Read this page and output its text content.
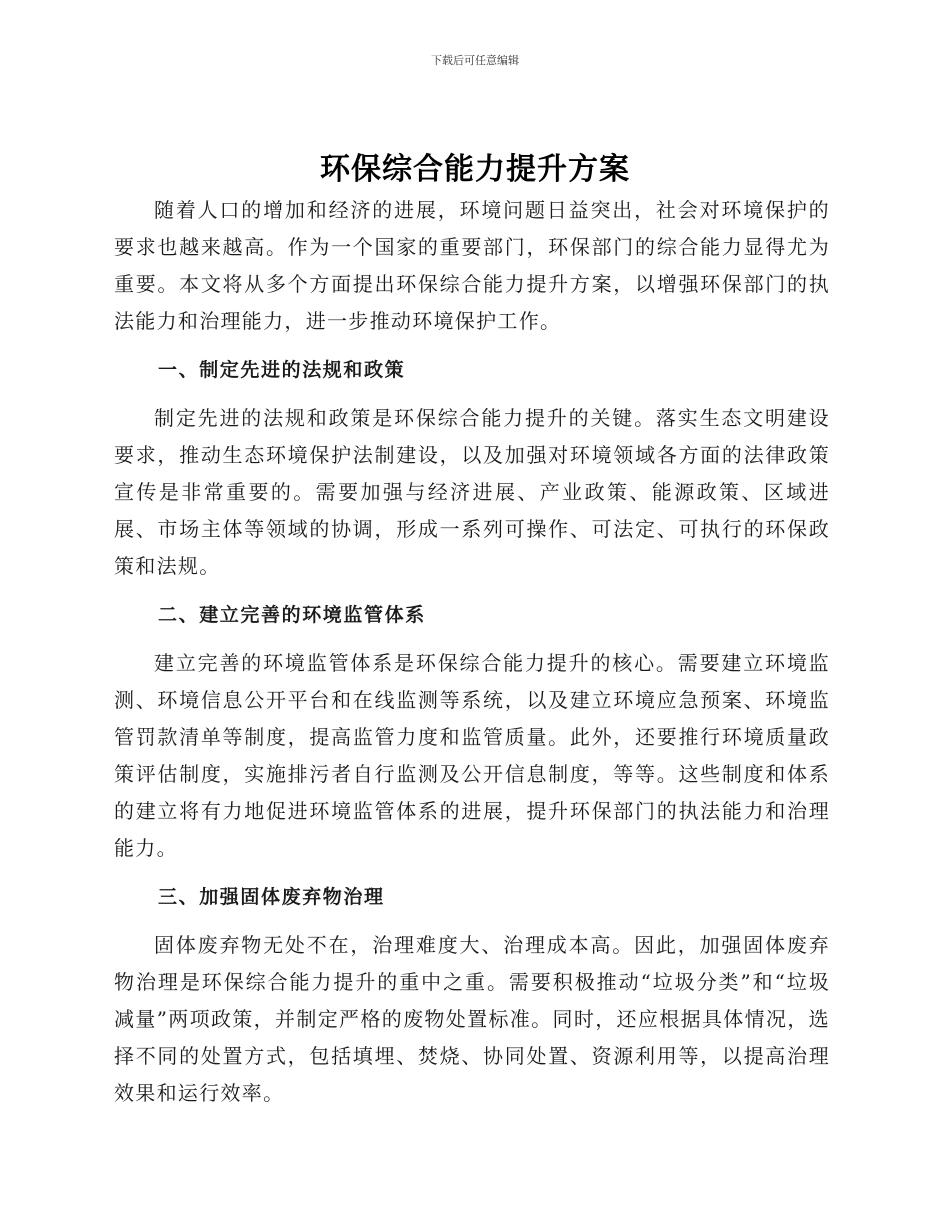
下载后可任意编辑
环保综合能力提升方案

随着人口的增加和经济的进展，环境问题日益突出，社会对环境保护的要求也越来越高。作为一个国家的重要部门，环保部门的综合能力显得尤为重要。本文将从多个方面提出环保综合能力提升方案，以增强环保部门的执法能力和治理能力，进一步推动环境保护工作。

一、制定先进的法规和政策

制定先进的法规和政策是环保综合能力提升的关键。落实生态文明建设要求，推动生态环境保护法制建设，以及加强对环境领域各方面的法律政策宣传是非常重要的。需要加强与经济进展、产业政策、能源政策、区域进展、市场主体等领域的协调，形成一系列可操作、可法定、可执行的环保政策和法规。

二、建立完善的环境监管体系

建立完善的环境监管体系是环保综合能力提升的核心。需要建立环境监测、环境信息公开平台和在线监测等系统，以及建立环境应急预案、环境监管罚款清单等制度，提高监管力度和监管质量。此外，还要推行环境质量政策评估制度，实施排污者自行监测及公开信息制度，等等。这些制度和体系的建立将有力地促进环境监管体系的进展，提升环保部门的执法能力和治理能力。

三、加强固体废弃物治理

固体废弃物无处不在，治理难度大、治理成本高。因此，加强固体废弃物治理是环保综合能力提升的重中之重。需要积极推动“垃圾分类”和“垃圾减量”两项政策，并制定严格的废物处置标准。同时，还应根据具体情况，选择不同的处置方式，包括填埋、焚烧、协同处置、资源利用等，以提高治理效果和运行效率。
